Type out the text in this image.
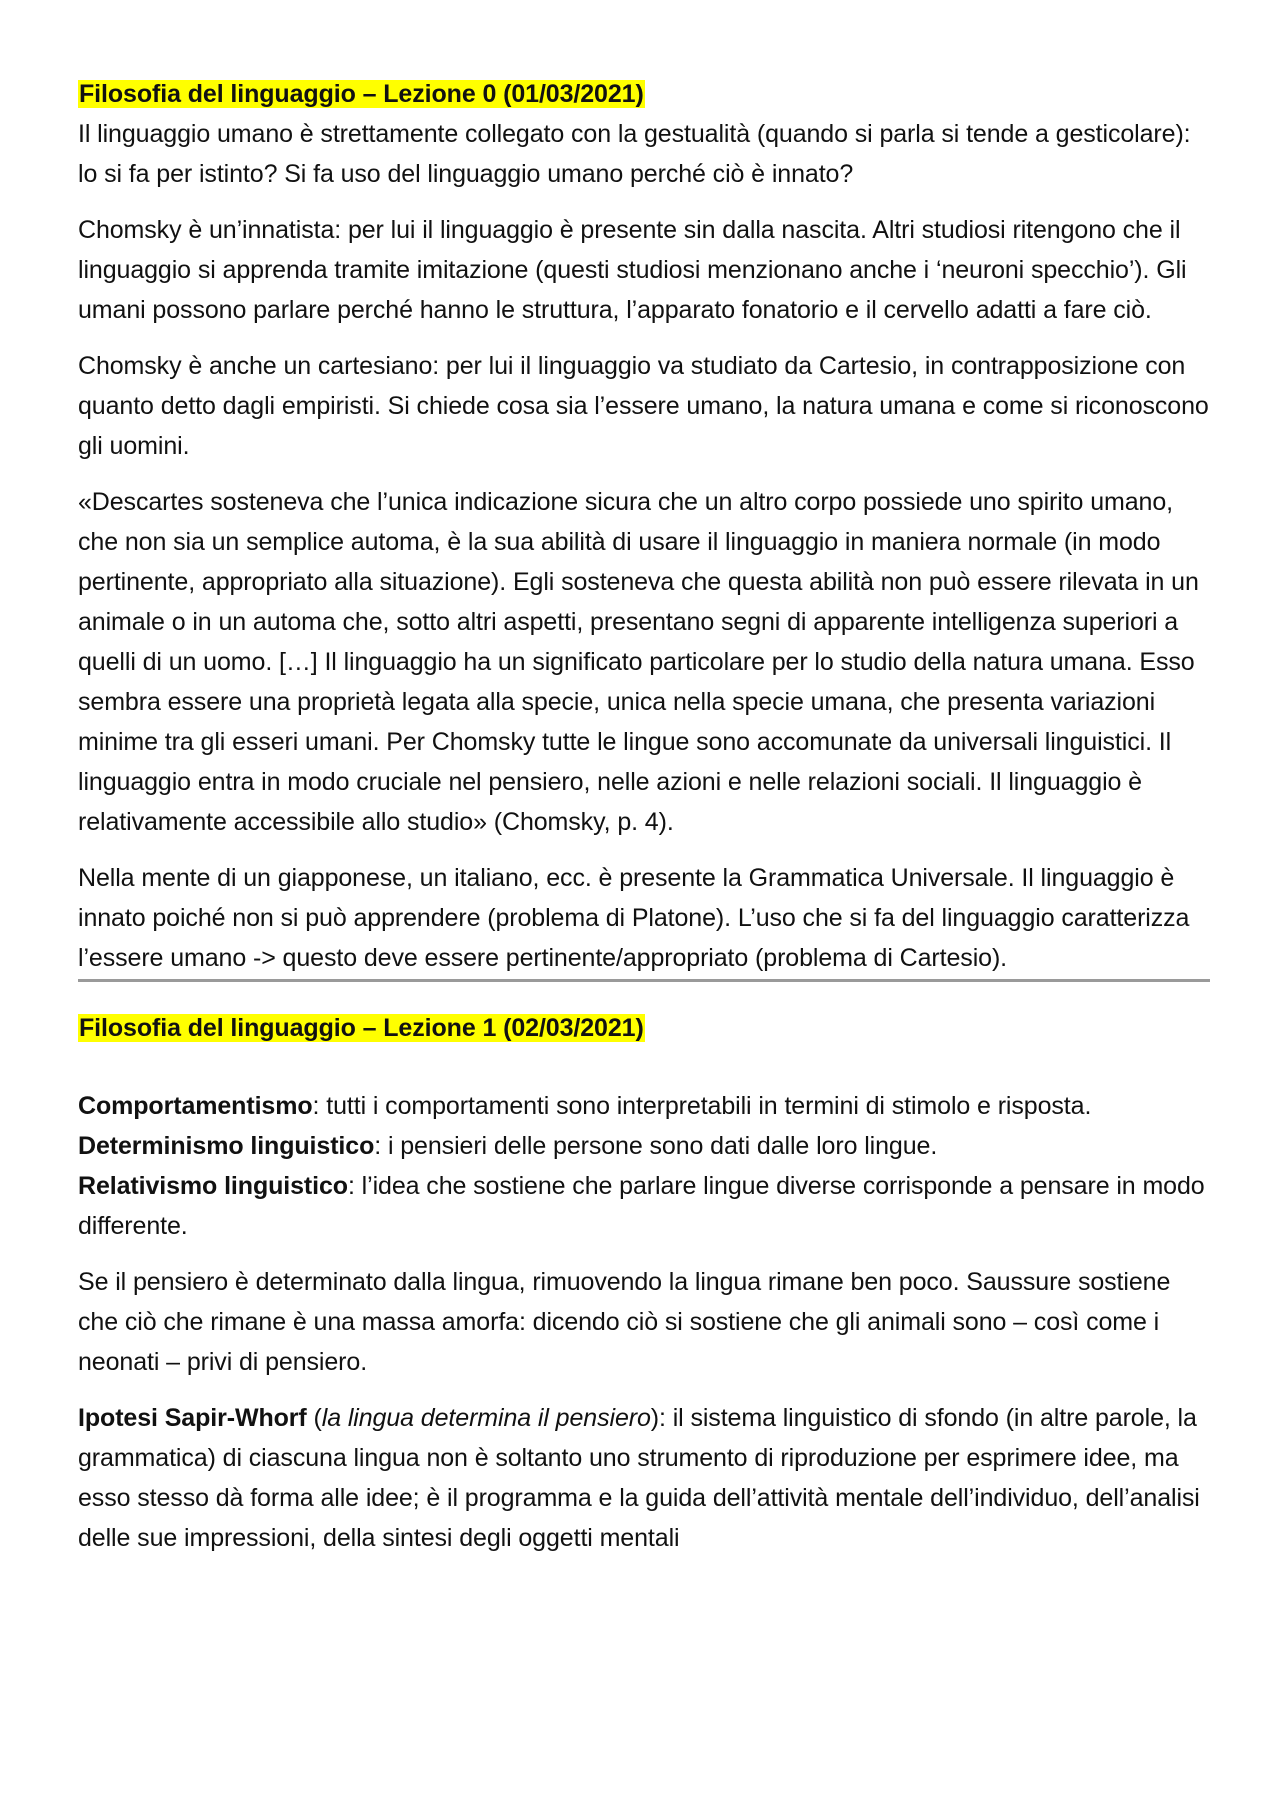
Filosofia del linguaggio – Lezione 0 (01/03/2021)

Il linguaggio umano è strettamente collegato con la gestualità (quando si parla si tende a gesticolare): lo si fa per istinto? Si fa uso del linguaggio umano perché ciò è innato?

Chomsky è un’innatista: per lui il linguaggio è presente sin dalla nascita. Altri studiosi ritengono che il linguaggio si apprenda tramite imitazione (questi studiosi menzionano anche i ‘neuroni specchio’). Gli umani possono parlare perché hanno le struttura, l’apparato fonatorio e il cervello adatti a fare ciò.

Chomsky è anche un cartesiano: per lui il linguaggio va studiato da Cartesio, in contrapposizione con quanto detto dagli empiristi. Si chiede cosa sia l’essere umano, la natura umana e come si riconoscono gli uomini.

«Descartes sosteneva che l’unica indicazione sicura che un altro corpo possiede uno spirito umano, che non sia un semplice automa, è la sua abilità di usare il linguaggio in maniera normale (in modo pertinente, appropriato alla situazione). Egli sosteneva che questa abilità non può essere rilevata in un animale o in un automa che, sotto altri aspetti, presentano segni di apparente intelligenza superiori a quelli di un uomo. […] Il linguaggio ha un significato particolare per lo studio della natura umana. Esso sembra essere una proprietà legata alla specie, unica nella specie umana, che presenta variazioni minime tra gli esseri umani. Per Chomsky tutte le lingue sono accomunate da universali linguistici. Il linguaggio entra in modo cruciale nel pensiero, nelle azioni e nelle relazioni sociali. Il linguaggio è relativamente accessibile allo studio» (Chomsky, p. 4).

Nella mente di un giapponese, un italiano, ecc. è presente la Grammatica Universale. Il linguaggio è innato poiché non si può apprendere (problema di Platone). L’uso che si fa del linguaggio caratterizza l’essere umano -> questo deve essere pertinente/appropriato (problema di Cartesio).

Filosofia del linguaggio – Lezione 1 (02/03/2021)

Comportamentismo: tutti i comportamenti sono interpretabili in termini di stimolo e risposta.

Determinismo linguistico: i pensieri delle persone sono dati dalle loro lingue.

Relativismo linguistico: l’idea che sostiene che parlare lingue diverse corrisponde a pensare in modo differente.

Se il pensiero è determinato dalla lingua, rimuovendo la lingua rimane ben poco. Saussure sostiene che ciò che rimane è una massa amorfa: dicendo ciò si sostiene che gli animali sono – così come i neonati – privi di pensiero.

Ipotesi Sapir-Whorf (la lingua determina il pensiero): il sistema linguistico di sfondo (in altre parole, la grammatica) di ciascuna lingua non è soltanto uno strumento di riproduzione per esprimere idee, ma esso stesso dà forma alle idee; è il programma e la guida dell’attività mentale dell’individuo, dell’analisi delle sue impressioni, della sintesi degli oggetti mentali
